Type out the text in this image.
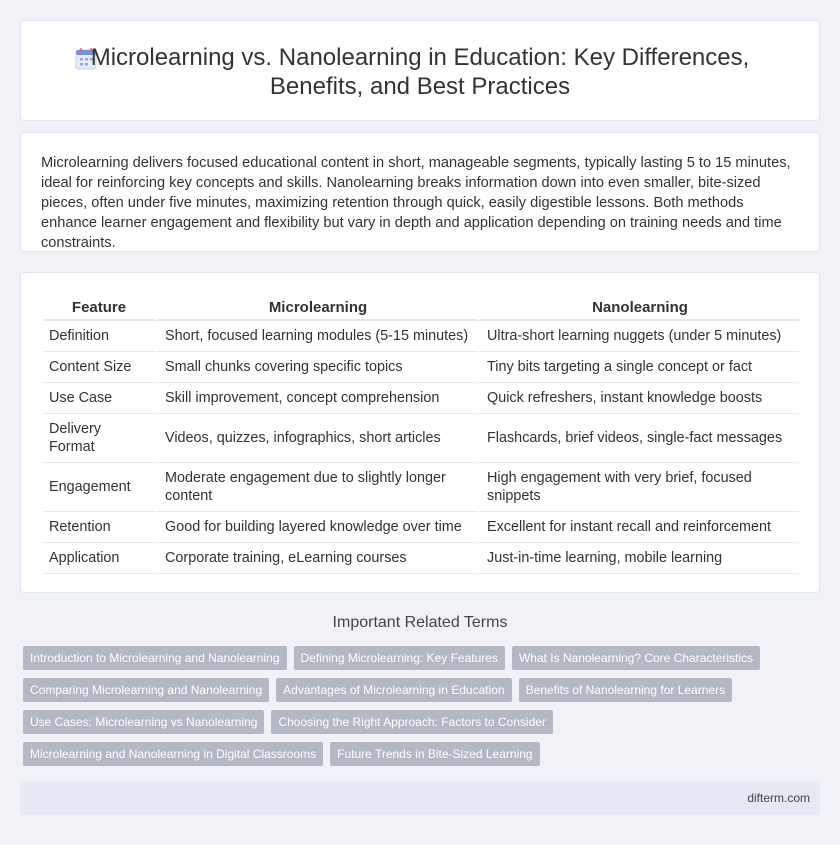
Microlearning vs. Nanolearning in Education: Key Differences, Benefits, and Best Practices

Microlearning delivers focused educational content in short, manageable segments, typically lasting 5 to 15 minutes, ideal for reinforcing key concepts and skills. Nanolearning breaks information down into even smaller, bite-sized pieces, often under five minutes, maximizing retention through quick, easily digestible lessons. Both methods enhance learner engagement and flexibility but vary in depth and application depending on training needs and time constraints.

Feature	Microlearning	Nanolearning
Definition	Short, focused learning modules (5-15 minutes)	Ultra-short learning nuggets (under 5 minutes)
Content Size	Small chunks covering specific topics	Tiny bits targeting a single concept or fact
Use Case	Skill improvement, concept comprehension	Quick refreshers, instant knowledge boosts
Delivery Format	Videos, quizzes, infographics, short articles	Flashcards, brief videos, single-fact messages
Engagement	Moderate engagement due to slightly longer content	High engagement with very brief, focused snippets
Retention	Good for building layered knowledge over time	Excellent for instant recall and reinforcement
Application	Corporate training, eLearning courses	Just-in-time learning, mobile learning
Important Related Terms
Introduction to Microlearning and Nanolearning	Defining Microlearning: Key Features	What Is Nanolearning? Core Characteristics
Comparing Microlearning and Nanolearning	Advantages of Microlearning in Education	Benefits of Nanolearning for Learners
Use Cases: Microlearning vs Nanolearning	Choosing the Right Approach: Factors to Consider
Microlearning and Nanolearning in Digital Classrooms	Future Trends in Bite-Sized Learning
difterm.com
